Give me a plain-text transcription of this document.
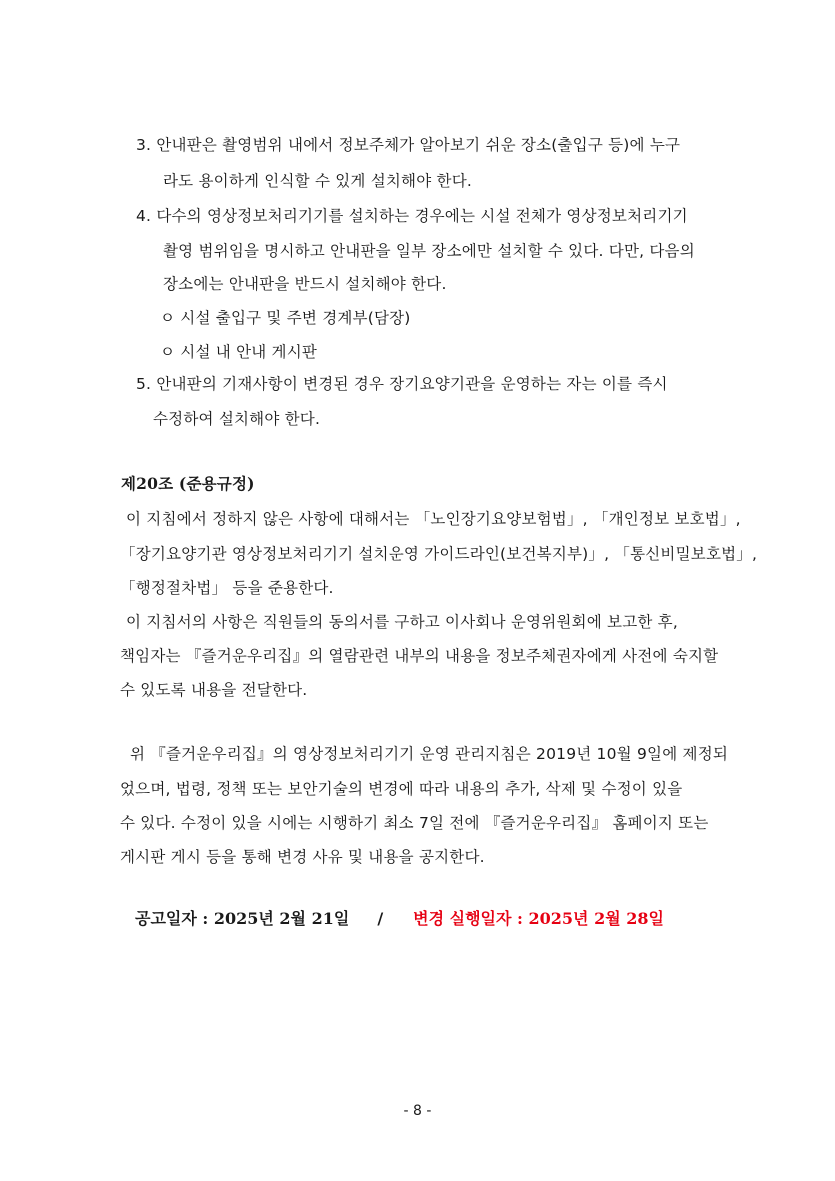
3. 안내판은 촬영범위 내에서 정보주체가 알아보기 쉬운 장소(출입구 등)에 누구
라도 용이하게 인식할 수 있게 설치해야 한다.
4. 다수의 영상정보처리기기를 설치하는 경우에는 시설 전체가 영상정보처리기기
촬영 범위임을 명시하고 안내판을 일부 장소에만 설치할 수 있다. 다만, 다음의
장소에는 안내판을 반드시 설치해야 한다.
ㅇ 시설 출입구 및 주변 경계부(담장)
ㅇ 시설 내 안내 게시판
5. 안내판의 기재사항이 변경된 경우 장기요양기관을 운영하는 자는 이를 즉시
수정하여 설치해야 한다.
제20조 (준용규정)
이 지침에서 정하지 않은 사항에 대해서는 「노인장기요양보험법」, 「개인정보 보호법」,
「장기요양기관 영상정보처리기기 설치운영 가이드라인(보건복지부)」, 「통신비밀보호법」,
「행정절차법」 등을 준용한다.
이 지침서의 사항은 직원들의 동의서를 구하고 이사회나 운영위원회에 보고한 후,
책임자는 『즐거운우리집』의 열람관련 내부의 내용을 정보주체권자에게 사전에 숙지할
수 있도록 내용을 전달한다.
위 『즐거운우리집』의 영상정보처리기기 운영 관리지침은 2019년 10월 9일에 제정되
었으며, 법령, 정책 또는 보안기술의 변경에 따라 내용의 추가, 삭제 및 수정이 있을
수 있다. 수정이 있을 시에는 시행하기 최소 7일 전에 『즐거운우리집』 홈페이지 또는
게시판 게시 등을 통해 변경 사유 및 내용을 공지한다.
공고일자 : 2025년 2월 21일 / 변경 실행일자 : 2025년 2월 28일
- 8 -
